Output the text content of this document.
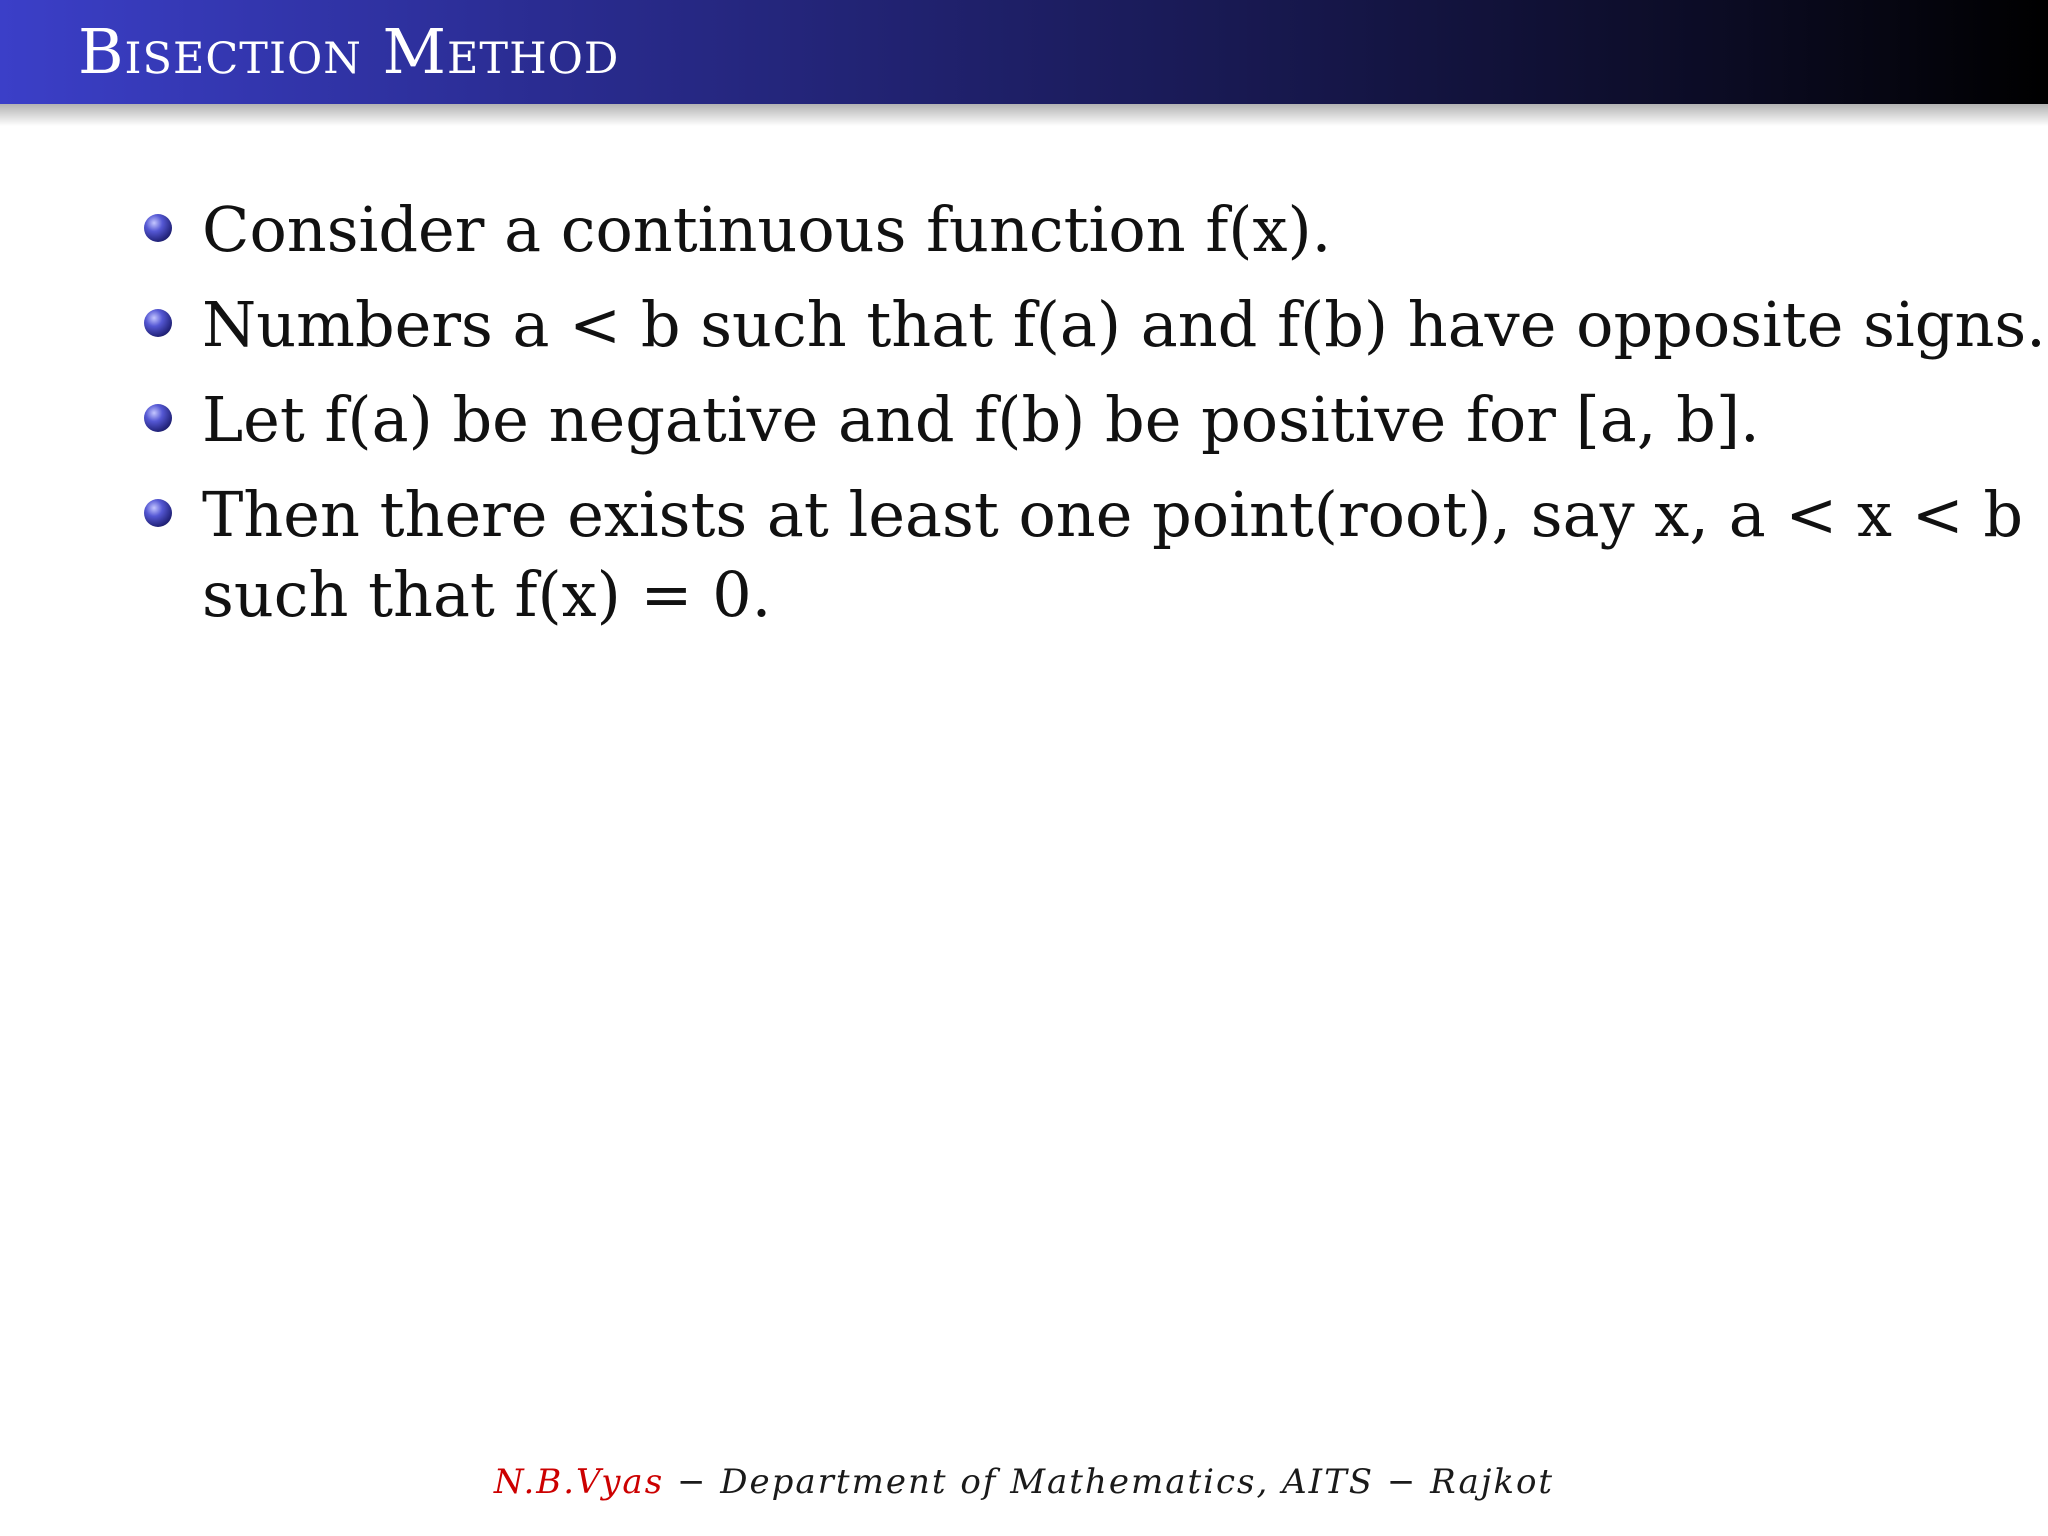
Bisection Method

Consider a continuous function f(x).

Numbers a < b such that f(a) and f(b) have opposite signs.

Let f(a) be negative and f(b) be positive for [a, b].

Then there exists at least one point(root), say x, a < x < b
such that f(x) = 0.

N.B.Vyas − Department of Mathematics, AITS − Rajkot
